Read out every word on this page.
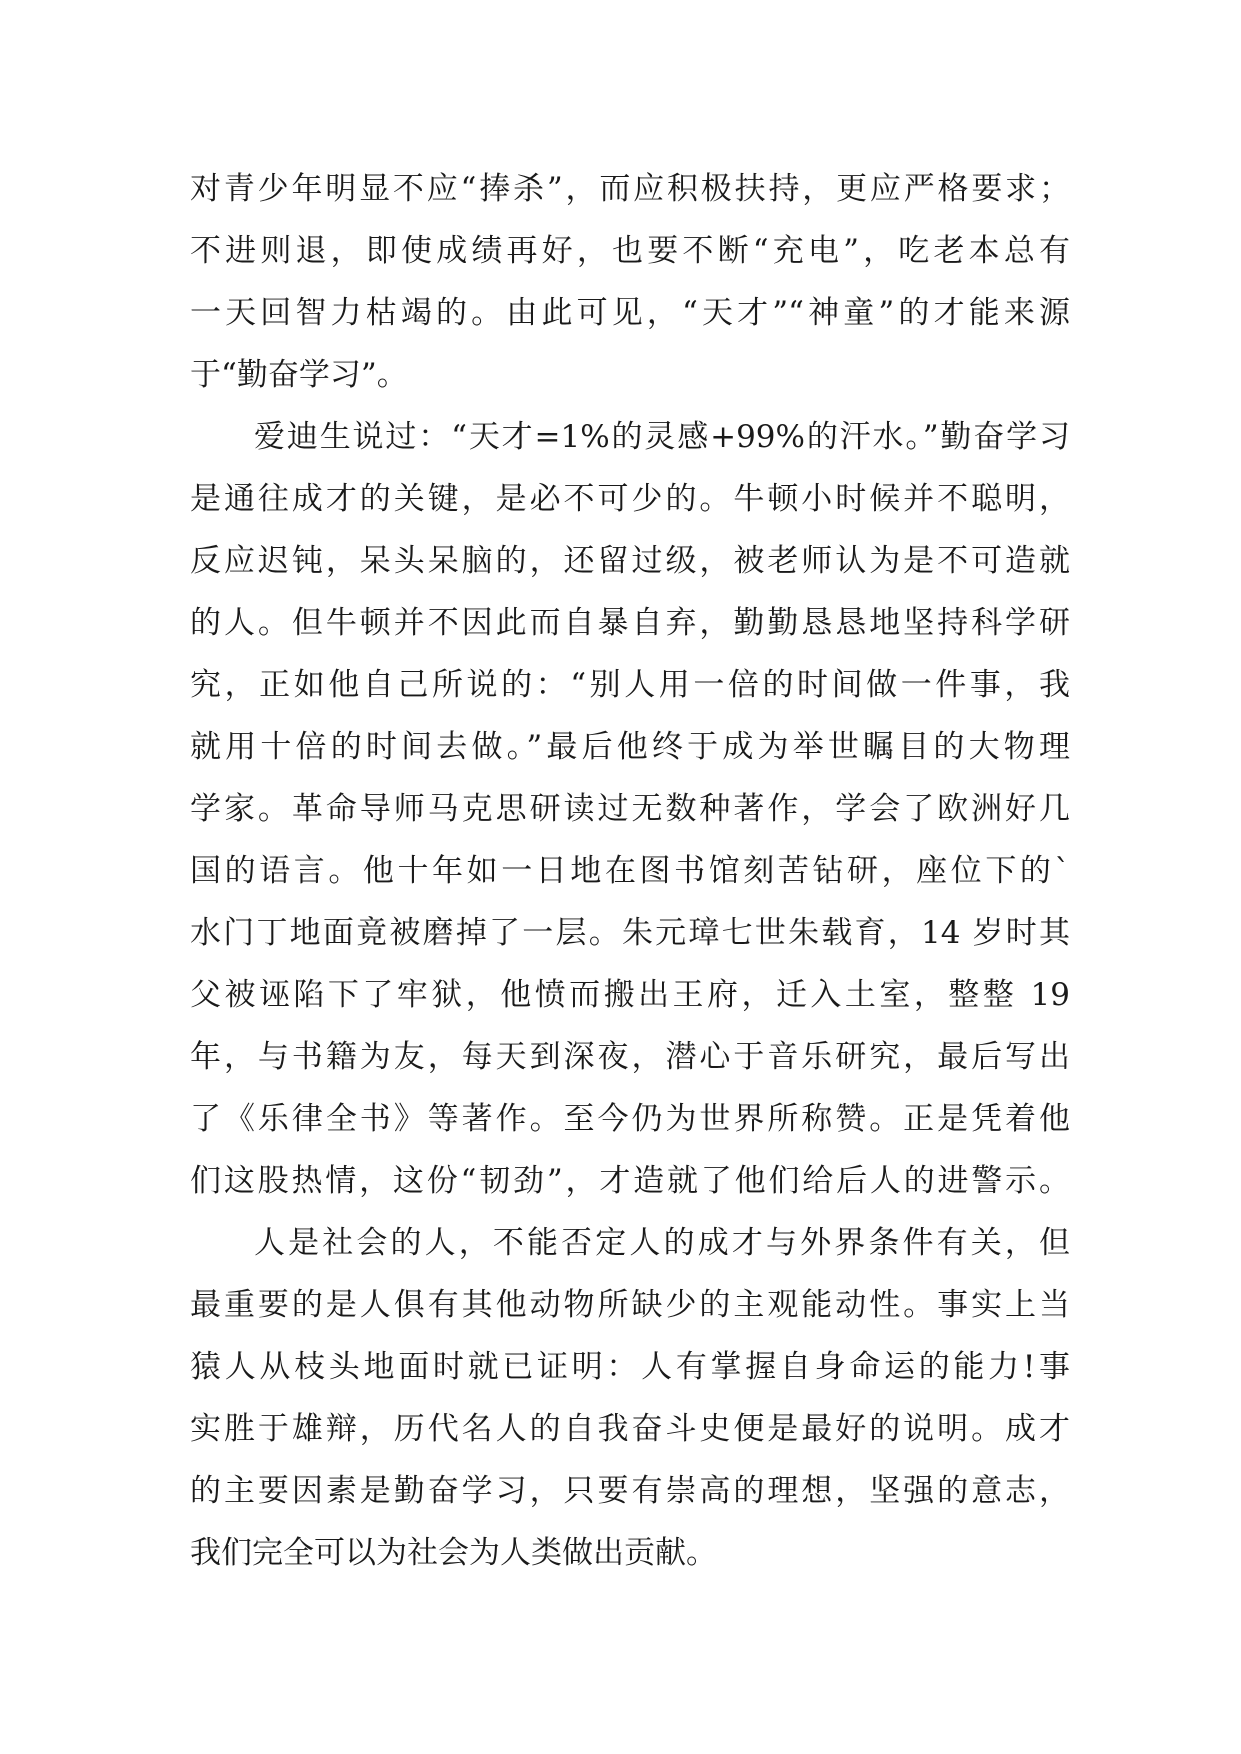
对青少年明显不应“捧杀”，而应积极扶持，更应严格要求；
不进则退，即使成绩再好，也要不断“充电”，吃老本总有
一天回智力枯竭的。由此可见，“天才”“神童”的才能来源
于“勤奋学习”。
爱迪生说过：“天才=1%的灵感+99%的汗水。”勤奋学习
是通往成才的关键，是必不可少的。牛顿小时候并不聪明，
反应迟钝，呆头呆脑的，还留过级，被老师认为是不可造就
的人。但牛顿并不因此而自暴自弃，勤勤恳恳地坚持科学研
究，正如他自己所说的：“别人用一倍的时间做一件事，我
就用十倍的时间去做。”最后他终于成为举世瞩目的大物理
学家。革命导师马克思研读过无数种著作，学会了欧洲好几
国的语言。他十年如一日地在图书馆刻苦钻研，座位下的`
水门丁地面竟被磨掉了一层。朱元璋七世朱载育，14 岁时其
父被诬陷下了牢狱，他愤而搬出王府，迁入土室，整整 19
年，与书籍为友，每天到深夜，潜心于音乐研究，最后写出
了《乐律全书》等著作。至今仍为世界所称赞。正是凭着他
们这股热情，这份“韧劲”，才造就了他们给后人的进警示。
人是社会的人，不能否定人的成才与外界条件有关，但
最重要的是人俱有其他动物所缺少的主观能动性。事实上当
猿人从枝头地面时就已证明：人有掌握自身命运的能力!事
实胜于雄辩，历代名人的自我奋斗史便是最好的说明。成才
的主要因素是勤奋学习，只要有崇高的理想，坚强的意志，
我们完全可以为社会为人类做出贡献。
